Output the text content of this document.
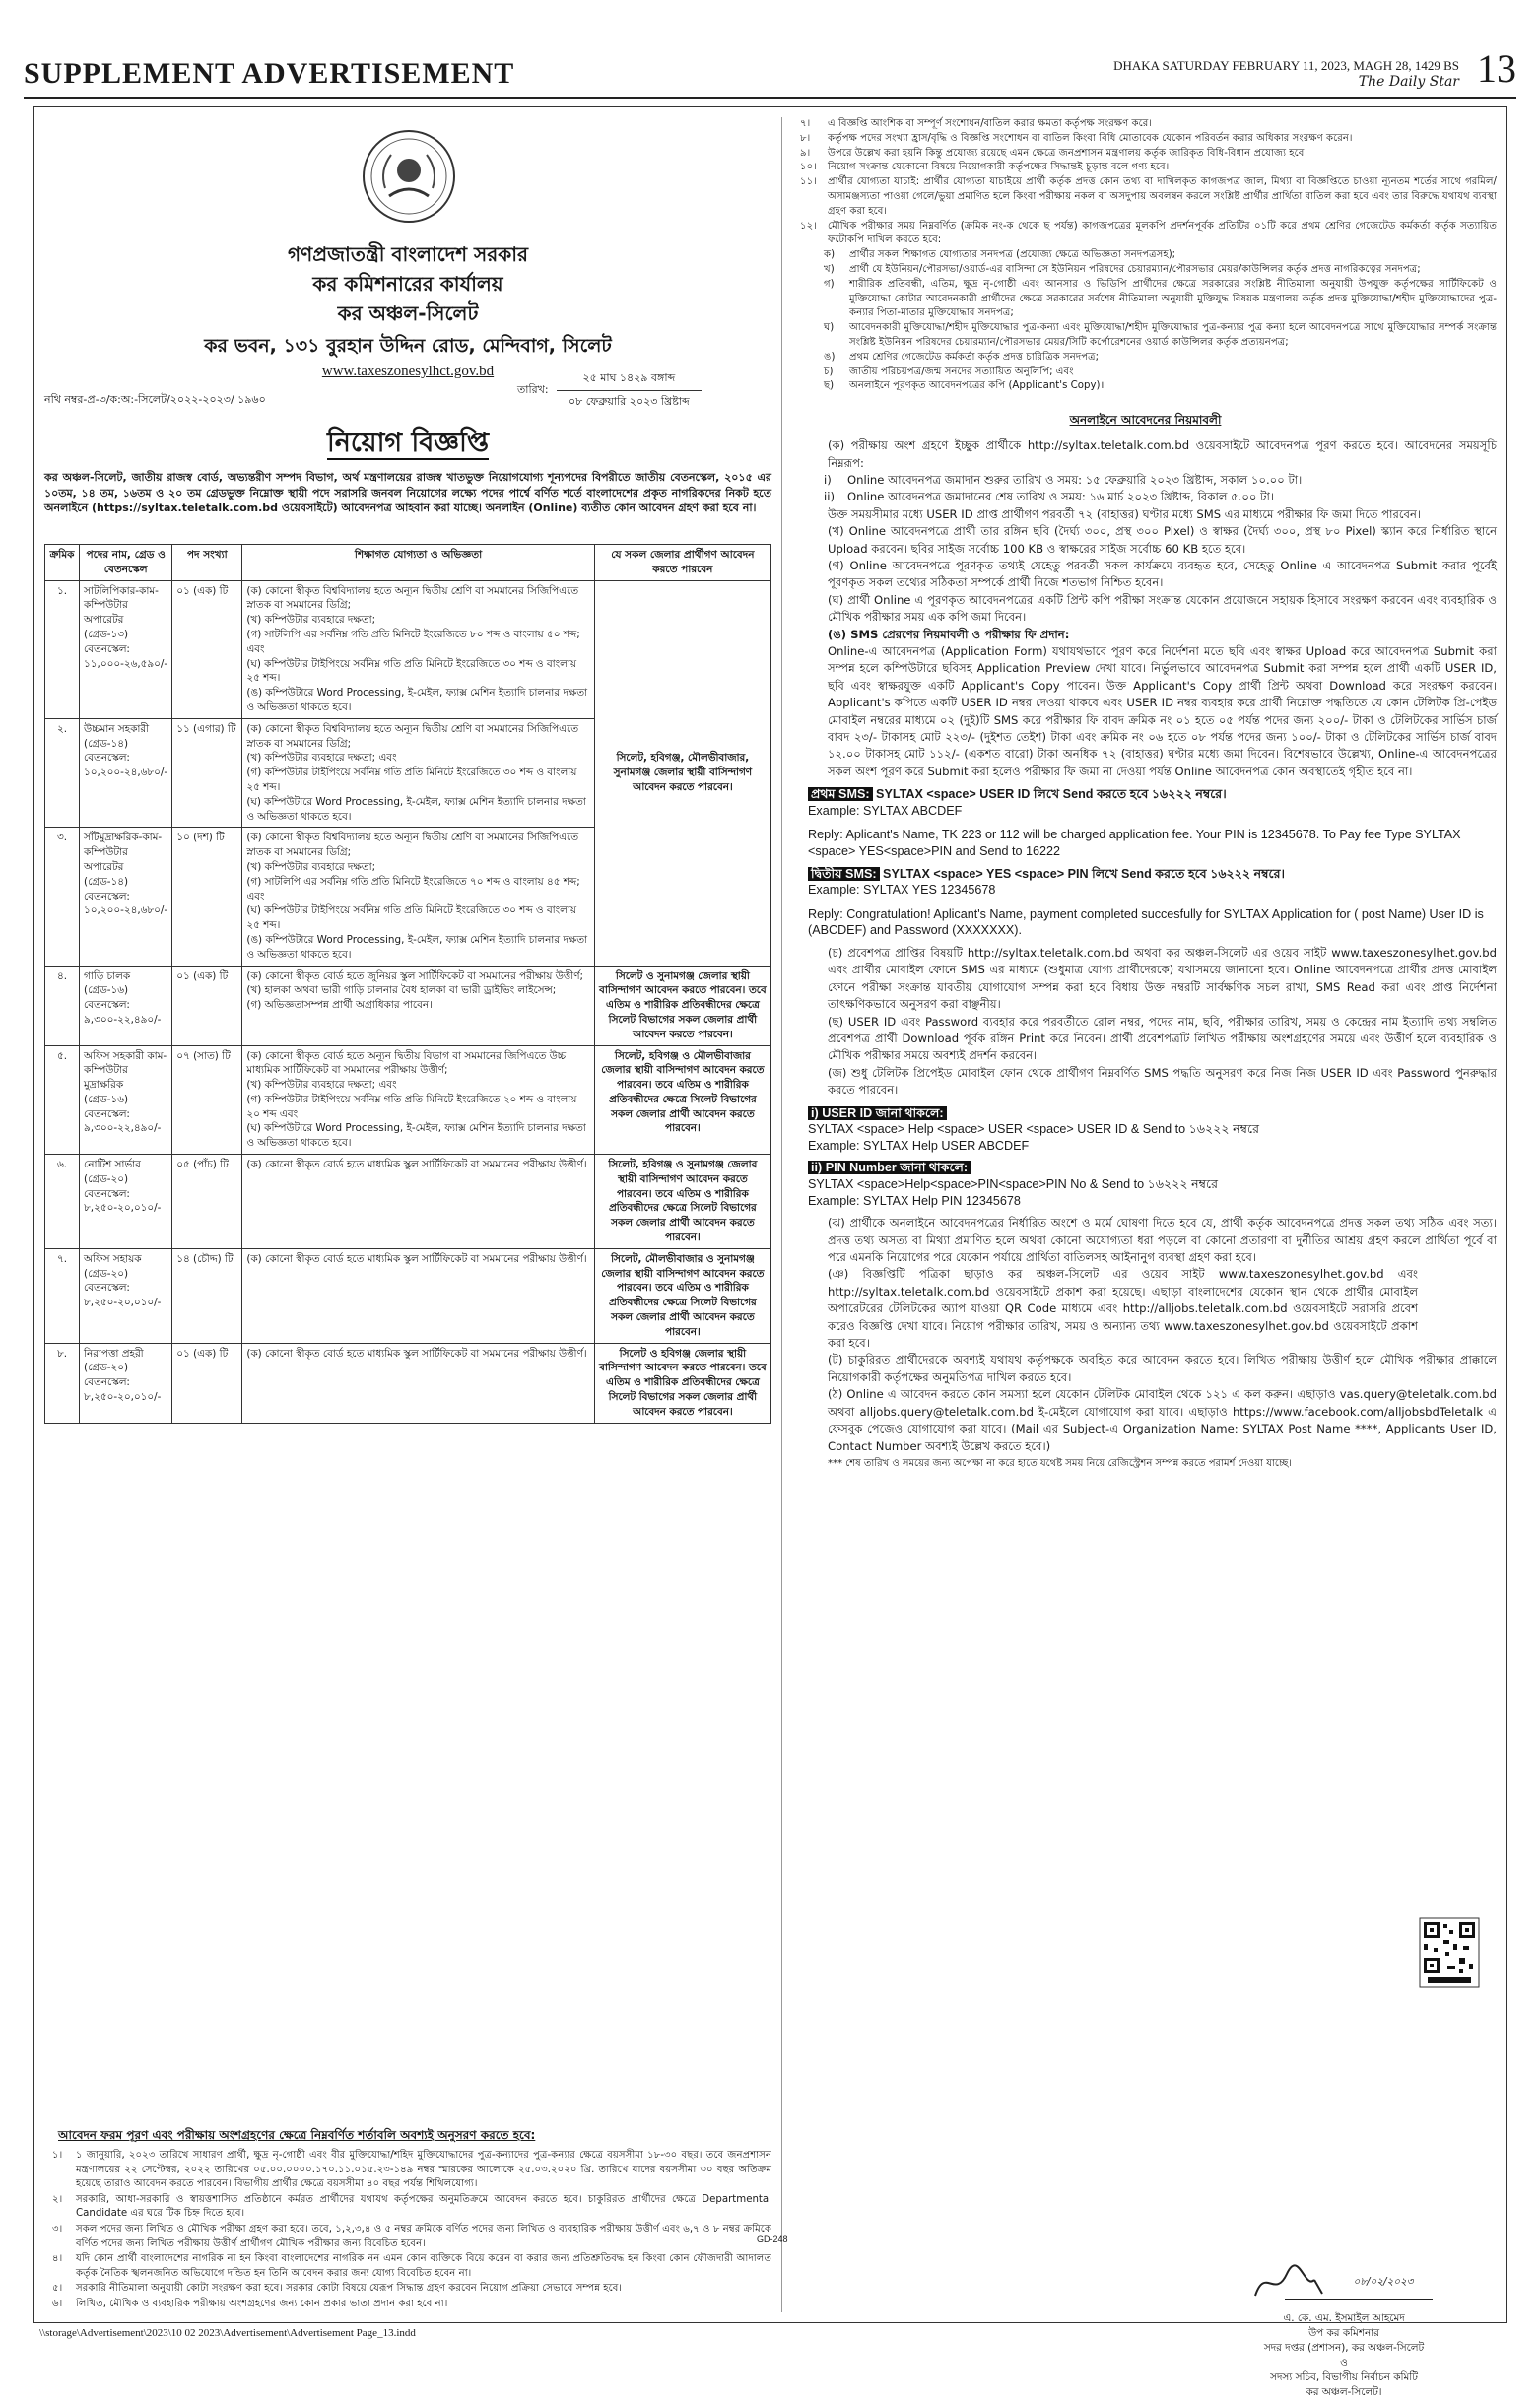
SUPPLEMENT ADVERTISEMENT	DHAKA SATURDAY FEBRUARY 11, 2023, MAGH 28, 1429 BS
The Daily Star 13
গণপ্রজাতন্ত্রী বাংলাদেশ সরকার
কর কমিশনারের কার্যালয়
কর অঞ্চল-সিলেট
কর ভবন, ১৩১ বুরহান উদ্দিন রোড, মেন্দিবাগ, সিলেট
www.taxeszonesylhct.gov.bd
নথি নম্বর-প্র-৩/ক:অ:-সিলেট/২০২২-২০২৩/ ১৯৬০
তারিখ:
২৫ মাঘ ১৪২৯ বঙ্গাব্দ
০৮ ফেব্রুয়ারি ২০২৩ খ্রিষ্টাব্দ
নিয়োগ বিজ্ঞপ্তি
কর অঞ্চল-সিলেট, জাতীয় রাজস্ব বোর্ড, অভ্যন্তরীণ সম্পদ বিভাগ, অর্থ মন্ত্রণালয়ের রাজস্ব খাতভুক্ত নিয়োগযোগ্য শূন্যপদের বিপরীতে জাতীয় বেতনস্কেল, ২০১৫ এর ১০তম, ১৪ তম, ১৬তম ও ২০ তম গ্রেডভুক্ত নিম্নোক্ত স্থায়ী পদে সরাসরি জনবল নিয়োগের লক্ষ্যে পদের পার্শ্বে বর্ণিত শর্তে বাংলাদেশের প্রকৃত নাগরিকদের নিকট হতে অনলাইনে (https://syltax.teletalk.com.bd ওয়েবসাইটে) আবেদনপত্র আহবান করা যাচ্ছে। অনলাইন (Online) ব্যতীত কোন আবেদন গ্রহণ করা হবে না।
ক্রমিক	পদের নাম, গ্রেড ও বেতনস্কেল	পদ সংখ্যা	শিক্ষাগত যোগ্যতা ও অভিজ্ঞতা	যে সকল জেলার প্রার্থীগণ আবেদন করতে পারবেন
১.	সাটলিপিকার-কাম-কম্পিউটার অপারেটর (গ্রেড-১৩) বেতনস্কেল: ১১,০০০-২৬,৫৯০/-	০১ (এক) টি	(ক) কোনো স্বীকৃত বিশ্ববিদ্যালয় হতে অন্যূন দ্বিতীয় শ্রেণি বা সমমানের সিজিপিএতে স্নাতক বা সমমানের ডিগ্রি;
(খ) কম্পিউটার ব্যবহারে দক্ষতা;
(গ) সাটলিপি এর সর্বনিম্ন গতি প্রতি মিনিটে ইংরেজিতে ৮০ শব্দ ও বাংলায় ৫০ শব্দ; এবং
(ঘ) কম্পিউটার টাইপিংয়ে সর্বনিম্ন গতি প্রতি মিনিটে ইংরেজিতে ৩০ শব্দ ও বাংলায় ২৫ শব্দ।
(ঙ) কম্পিউটারে Word Processing, ই-মেইল, ফ্যাক্স মেশিন ইত্যাদি চালনার দক্ষতা ও অভিজ্ঞতা থাকতে হবে।	সিলেট, হবিগঞ্জ, মৌলভীবাজার, সুনামগঞ্জ জেলার স্থায়ী বাসিন্দাগণ আবেদন করতে পারবেন।
২.	উচ্চমান সহকারী (গ্রেড-১৪) বেতনস্কেল: ১০,২০০-২৪,৬৮০/-	১১ (এগার) টি	(ক) কোনো স্বীকৃত বিশ্ববিদ্যালয় হতে অন্যূন দ্বিতীয় শ্রেণি বা সমমানের সিজিপিএতে স্নাতক বা সমমানের ডিগ্রি;
(খ) কম্পিউটার ব্যবহারে দক্ষতা; এবং
(গ) কম্পিউটার টাইপিংয়ে সর্বনিম্ন গতি প্রতি মিনিটে ইংরেজিতে ৩০ শব্দ ও বাংলায় ২৫ শব্দ।
(ঘ) কম্পিউটারে Word Processing, ই-মেইল, ফ্যাক্স মেশিন ইত্যাদি চালনার দক্ষতা ও অভিজ্ঞতা থাকতে হবে।	

৩.	সাঁটমুদ্রাক্ষরিক-কাম-কম্পিউটার অপারেটর (গ্রেড-১৪) বেতনস্কেল: ১০,২০০-২৪,৬৮০/-	১০ (দশ) টি	(ক) কোনো স্বীকৃত বিশ্ববিদ্যালয় হতে অন্যূন দ্বিতীয় শ্রেণি বা সমমানের সিজিপিএতে স্নাতক বা সমমানের ডিগ্রি;
(খ) কম্পিউটার ব্যবহারে দক্ষতা;
(গ) সাটলিপি এর সর্বনিম্ন গতি প্রতি মিনিটে ইংরেজিতে ৭০ শব্দ ও বাংলায় ৪৫ শব্দ; এবং
(ঘ) কম্পিউটার টাইপিংয়ে সর্বনিম্ন গতি প্রতি মিনিটে ইংরেজিতে ৩০ শব্দ ও বাংলায় ২৫ শব্দ।
(ঙ) কম্পিউটারে Word Processing, ই-মেইল, ফ্যাক্স মেশিন ইত্যাদি চালনার দক্ষতা ও অভিজ্ঞতা থাকতে হবে।	

৪.	গাড়ি চালক (গ্রেড-১৬) বেতনস্কেল: ৯,৩০০-২২,৪৯০/-	০১ (এক) টি	(ক) কোনো স্বীকৃত বোর্ড হতে জুনিয়র স্কুল সার্টিফিকেট বা সমমানের পরীক্ষায় উত্তীর্ণ;
(খ) হালকা অথবা ভারী গাড়ি চালনার বৈধ হালকা বা ভারী ড্রাইভিং লাইসেন্স;
(গ) অভিজ্ঞতাসম্পন্ন প্রার্থী অগ্রাধিকার পাবেন।	সিলেট ও সুনামগঞ্জ জেলার স্থায়ী বাসিন্দাগণ আবেদন করতে পারবেন। তবে এতিম ও শারীরিক প্রতিবন্ধীদের ক্ষেত্রে সিলেট বিভাগের সকল জেলার প্রার্থী আবেদন করতে পারবেন।
৫.	অফিস সহকারী কাম-কম্পিউটার মুদ্রাক্ষরিক (গ্রেড-১৬) বেতনস্কেল: ৯,৩০০-২২,৪৯০/-	০৭ (সাত) টি	(ক) কোনো স্বীকৃত বোর্ড হতে অন্যূন দ্বিতীয় বিভাগ বা সমমানের জিপিএতে উচ্চ মাধ্যমিক সার্টিফিকেট বা সমমানের পরীক্ষায় উত্তীর্ণ;
(খ) কম্পিউটার ব্যবহারে দক্ষতা; এবং
(গ) কম্পিউটার টাইপিংয়ে সর্বনিম্ন গতি প্রতি মিনিটে ইংরেজিতে ২০ শব্দ ও বাংলায় ২০ শব্দ এবং
(ঘ) কম্পিউটারে Word Processing, ই-মেইল, ফ্যাক্স মেশিন ইত্যাদি চালনার দক্ষতা ও অভিজ্ঞতা থাকতে হবে।	সিলেট, হবিগঞ্জ ও মৌলভীবাজার জেলার স্থায়ী বাসিন্দাগণ আবেদন করতে পারবেন। তবে এতিম ও শারীরিক প্রতিবন্ধীদের ক্ষেত্রে সিলেট বিভাগের সকল জেলার প্রার্থী আবেদন করতে পারবেন।
৬.	নোটিশ সার্ভার (গ্রেড-২০) বেতনস্কেল: ৮,২৫০-২০,০১০/-	০৫ (পাঁচ) টি	(ক) কোনো স্বীকৃত বোর্ড হতে মাধ্যমিক স্কুল সার্টিফিকেট বা সমমানের পরীক্ষায় উত্তীর্ণ।	সিলেট, হবিগঞ্জ ও সুনামগঞ্জ জেলার স্থায়ী বাসিন্দাগণ আবেদন করতে পারবেন। তবে এতিম ও শারীরিক প্রতিবন্ধীদের ক্ষেত্রে সিলেট বিভাগের সকল জেলার প্রার্থী আবেদন করতে পারবেন।
৭.	অফিস সহায়ক (গ্রেড-২০) বেতনস্কেল: ৮,২৫০-২০,০১০/-	১৪ (চৌদ্দ) টি	(ক) কোনো স্বীকৃত বোর্ড হতে মাধ্যমিক স্কুল সার্টিফিকেট বা সমমানের পরীক্ষায় উত্তীর্ণ।	সিলেট, মৌলভীবাজার ও সুনামগঞ্জ জেলার স্থায়ী বাসিন্দাগণ আবেদন করতে পারবেন। তবে এতিম ও শারীরিক প্রতিবন্ধীদের ক্ষেত্রে সিলেট বিভাগের সকল জেলার প্রার্থী আবেদন করতে পারবেন।
৮.	নিরাপত্তা প্রহরী (গ্রেড-২০) বেতনস্কেল: ৮,২৫০-২০,০১০/-	০১ (এক) টি	(ক) কোনো স্বীকৃত বোর্ড হতে মাধ্যমিক স্কুল সার্টিফিকেট বা সমমানের পরীক্ষায় উত্তীর্ণ।	সিলেট ও হবিগঞ্জ জেলার স্থায়ী বাসিন্দাগণ আবেদন করতে পারবেন। তবে এতিম ও শারীরিক প্রতিবন্ধীদের ক্ষেত্রে সিলেট বিভাগের সকল জেলার প্রার্থী আবেদন করতে পারবেন।
আবেদন ফরম পূরণ এবং পরীক্ষায় অংশগ্রহণের ক্ষেত্রে নিম্নবর্ণিত শর্তাবলি অবশ্যই অনুসরণ করতে হবে:
১। ১ জানুয়ারি, ২০২৩ তারিখে সাধারণ প্রার্থী, ক্ষুদ্র নৃ-গোষ্ঠী এবং বীর মুক্তিযোদ্ধা/শহিদ মুক্তিযোদ্ধাদের পুত্র-কন্যাদের পুত্র-কন্যার ক্ষেত্রে বয়সসীমা ১৮-৩০ বছর। তবে জনপ্রশাসন মন্ত্রণালয়ের ২২ সেপ্টেম্বর, ২০২২ তারিখের ০৫.০০.০০০০.১৭০.১১.০১৫.২৩-১৪৯ নম্বর স্মারকের আলোকে ২৫.০৩.২০২০ খ্রি. তারিখে যাদের বয়সসীমা ৩০ বছর অতিক্রম হয়েছে তারাও আবেদন করতে পারবেন। বিভাগীয় প্রার্থীর ক্ষেত্রে বয়সসীমা ৪০ বছর পর্যন্ত শিথিলযোগ্য।
২। সরকারি, আধা-সরকারি ও স্বায়ত্তশাসিত প্রতিষ্ঠানে কর্মরত প্রার্থীদের যথাযথ কর্তৃপক্ষের অনুমতিক্রমে আবেদন করতে হবে। চাকুরিরত প্রার্থীদের ক্ষেত্রে Departmental Candidate এর ঘরে টিক চিহ্ন দিতে হবে।
৩। সকল পদের জন্য লিখিত ও মৌখিক পরীক্ষা গ্রহণ করা হবে। তবে, ১,২,৩,৪ ও ৫ নম্বর ক্রমিকে বর্ণিত পদের জন্য লিখিত ও ব্যবহারিক পরীক্ষায় উত্তীর্ণ এবং ৬,৭ ও ৮ নম্বর ক্রমিকে বর্ণিত পদের জন্য লিখিত পরীক্ষায় উত্তীর্ণ প্রার্থীগণ মৌখিক পরীক্ষার জন্য বিবেচিত হবেন।
৪। যদি কোন প্রার্থী বাংলাদেশের নাগরিক না হন কিংবা বাংলাদেশের নাগরিক নন এমন কোন ব্যক্তিকে বিয়ে করেন বা করার জন্য প্রতিশ্রুতিবদ্ধ হন কিংবা কোন ফৌজদারী আদালত কর্তৃক নৈতিক স্খলনজনিত অভিযোগে দন্ডিত হন তিনি আবেদন করার জন্য যোগ্য বিবেচিত হবেন না।
৫। সরকারি নীতিমালা অনুযায়ী কোটা সংরক্ষণ করা হবে। সরকার কোটা বিষয়ে যেরূপ সিদ্ধান্ত গ্রহণ করবেন নিয়োগ প্রক্রিয়া সেভাবে সম্পন্ন হবে।
৬। লিখিত, মৌখিক ও ব্যবহারিক পরীক্ষায় অংশগ্রহণের জন্য কোন প্রকার ভাতা প্রদান করা হবে না।
৭। এ বিজ্ঞপ্তি আংশিক বা সম্পূর্ণ সংশোধন/বাতিল করার ক্ষমতা কর্তৃপক্ষ সংরক্ষণ করে।
৮। কর্তৃপক্ষ পদের সংখ্যা হ্রাস/বৃদ্ধি ও বিজ্ঞপ্তি সংশোধন বা বাতিল কিংবা বিধি মোতাবেক যেকোন পরিবর্তন করার অধিকার সংরক্ষণ করেন।
৯। উপরে উল্লেখ করা হয়নি কিন্তু প্রযোজ্য রয়েছে এমন ক্ষেত্রে জনপ্রশাসন মন্ত্রণালয় কর্তৃক জারিকৃত বিধি-বিধান প্রযোজ্য হবে।
১০। নিয়োগ সংক্রান্ত যেকোনো বিষয়ে নিয়োগকারী কর্তৃপক্ষের সিদ্ধান্তই চূড়ান্ত বলে গণ্য হবে।
১১। প্রার্থীর যোগ্যতা যাচাই: প্রার্থীর যোগ্যতা যাচাইয়ে প্রার্থী কর্তৃক প্রদত্ত কোন তথ্য বা দাখিলকৃত কাগজপত্র জাল, মিথ্যা বা বিজ্ঞপ্তিতে চাওয়া ন্যূনতম শর্তের সাথে গরমিল/অসামঞ্জস্যতা পাওয়া গেলে/ভুয়া প্রমাণিত হলে কিংবা পরীক্ষায় নকল বা অসদুপায় অবলম্বন করলে সংশ্লিষ্ট প্রার্থীর প্রার্থিতা বাতিল করা হবে এবং তার বিরুদ্ধে যথাযথ ব্যবস্থা গ্রহণ করা হবে।
১২। মৌখিক পরীক্ষার সময় নিম্নবর্ণিত (ক্রমিক নং-ক থেকে ছ পর্যন্ত) কাগজপত্রের মূলকপি প্রদর্শনপূর্বক প্রতিটির ০১টি করে প্রথম শ্রেণির গেজেটেড কর্মকর্তা কর্তৃক সত্যায়িত ফটোকপি দাখিল করতে হবে:
ক) প্রার্থীর সকল শিক্ষাগত যোগ্যতার সনদপত্র (প্রযোজ্য ক্ষেত্রে অভিজ্ঞতা সনদপত্রসহ);
খ) প্রার্থী যে ইউনিয়ন/পৌরসভা/ওয়ার্ড-এর বাসিন্দা সে ইউনিয়ন পরিষদের চেয়ারম্যান/পৌরসভার মেয়র/কাউন্সিলর কর্তৃক প্রদত্ত নাগরিকত্বের সনদপত্র;
গ) শারীরিক প্রতিবন্ধী, এতিম, ক্ষুদ্র নৃ-গোষ্ঠী এবং আনসার ও ভিডিপি প্রার্থীদের ক্ষেত্রে সরকারের সংশ্লিষ্ট নীতিমালা অনুযায়ী উপযুক্ত কর্তৃপক্ষের সার্টিফিকেট ও মুক্তিযোদ্ধা কোটার আবেদনকারী প্রার্থীদের ক্ষেত্রে সরকারের সর্বশেষ নীতিমালা অনুযায়ী মুক্তিযুদ্ধ বিষয়ক মন্ত্রণালয় কর্তৃক প্রদত্ত মুক্তিযোদ্ধা/শহীদ মুক্তিযোদ্ধাদের পুত্র-কন্যার পিতা-মাতার মুক্তিযোদ্ধার সনদপত্র;
ঘ) আবেদনকারী মুক্তিযোদ্ধা/শহীদ মুক্তিযোদ্ধার পুত্র-কন্যা এবং মুক্তিযোদ্ধা/শহীদ মুক্তিযোদ্ধার পুত্র-কন্যার পুত্র কন্যা হলে আবেদনপত্রে সাথে মুক্তিযোদ্ধার সম্পর্ক সংক্রান্ত সংশ্লিষ্ট ইউনিয়ন পরিষদের চেয়ারম্যান/পৌরসভার মেয়র/সিটি কর্পোরেশনের ওয়ার্ড কাউন্সিলর কর্তৃক প্রত্যয়নপত্র;
ঙ) প্রথম শ্রেণির গেজেটেড কর্মকর্তা কর্তৃক প্রদত্ত চারিত্রিক সনদপত্র;
চ) জাতীয় পরিচয়পত্র/জন্ম সনদের সত্যায়িত অনুলিপি; এবং
ছ) অনলাইনে পূরণকৃত আবেদনপত্রের কপি (Applicant's Copy)।
অনলাইনে আবেদনের নিয়মাবলী
(ক) পরীক্ষায় অংশ গ্রহণে ইচ্ছুক প্রার্থীকে http://syltax.teletalk.com.bd ওয়েবসাইটে আবেদনপত্র পূরণ করতে হবে। আবেদনের সময়সূচি নিম্নরূপ:
i) Online আবেদনপত্র জমাদান শুরুর তারিখ ও সময়: ১৫ ফেব্রুয়ারি ২০২৩ খ্রিষ্টাব্দ, সকাল ১০.০০ টা।
ii) Online আবেদনপত্র জমাদানের শেষ তারিখ ও সময়: ১৬ মার্চ ২০২৩ খ্রিষ্টাব্দ, বিকাল ৫.০০ টা।
উক্ত সময়সীমার মধ্যে USER ID প্রাপ্ত প্রার্থীগণ পরবর্তী ৭২ (বাহাত্তর) ঘণ্টার মধ্যে SMS এর মাধ্যমে পরীক্ষার ফি জমা দিতে পারবেন।
(খ) Online আবেদনপত্রে প্রার্থী তার রঙ্গিন ছবি (দৈর্ঘ্য ৩০০, প্রস্থ ৩০০ Pixel) ও স্বাক্ষর (দৈর্ঘ্য ৩০০, প্রস্থ ৮০ Pixel) স্ক্যান করে নির্ধারিত স্থানে Upload করবেন। ছবির সাইজ সর্বোচ্চ 100 KB ও স্বাক্ষরের সাইজ সর্বোচ্চ 60 KB হতে হবে।
(গ) Online আবেদনপত্রে পূরণকৃত তথ্যই যেহেতু পরবর্তী সকল কার্যক্রমে ব্যবহৃত হবে, সেহেতু Online এ আবেদনপত্র Submit করার পূর্বেই পূরণকৃত সকল তথ্যের সঠিকতা সম্পর্কে প্রার্থী নিজে শতভাগ নিশ্চিত হবেন।
(ঘ) প্রার্থী Online এ পূরণকৃত আবেদনপত্রের একটি প্রিন্ট কপি পরীক্ষা সংক্রান্ত যেকোন প্রয়োজনে সহায়ক হিসাবে সংরক্ষণ করবেন এবং ব্যবহারিক ও মৌখিক পরীক্ষার সময় এক কপি জমা দিবেন।
(ঙ) SMS প্রেরণের নিয়মাবলী ও পরীক্ষার ফি প্রদান:
Online-এ আবেদনপত্র (Application Form) যথাযথভাবে পূরণ করে নির্দেশনা মতে ছবি এবং স্বাক্ষর Upload করে আবেদনপত্র Submit করা সম্পন্ন হলে কম্পিউটারে ছবিসহ Application Preview দেখা যাবে। নির্ভুলভাবে আবেদনপত্র Submit করা সম্পন্ন হলে প্রার্থী একটি USER ID, ছবি এবং স্বাক্ষরযুক্ত একটি Applicant's Copy পাবেন। উক্ত Applicant's Copy প্রার্থী প্রিন্ট অথবা Download করে সংরক্ষণ করবেন। Applicant's কপিতে একটি USER ID নম্বর দেওয়া থাকবে এবং USER ID নম্বর ব্যবহার করে প্রার্থী নিম্নোক্ত পদ্ধতিতে যে কোন টেলিটক প্রি-পেইড মোবাইল নম্বরের মাধ্যমে ০২ (দুই)টি SMS করে পরীক্ষার ফি বাবদ ক্রমিক নং ০১ হতে ০৫ পর্যন্ত পদের জন্য ২০০/- টাকা ও টেলিটকের সার্ভিস চার্জ বাবদ ২৩/- টাকাসহ মোট ২২৩/- (দুইশত তেইশ) টাকা এবং ক্রমিক নং ০৬ হতে ০৮ পর্যন্ত পদের জন্য ১০০/- টাকা ও টেলিটকের সার্ভিস চার্জ বাবদ ১২.০০ টাকাসহ মোট ১১২/- (একশত বারো) টাকা অনধিক ৭২ (বাহাত্তর) ঘণ্টার মধ্যে জমা দিবেন। বিশেষভাবে উল্লেখ্য, Online-এ আবেদনপত্রের সকল অংশ পূরণ করে Submit করা হলেও পরীক্ষার ফি জমা না দেওয়া পর্যন্ত Online আবেদনপত্র কোন অবস্থাতেই গৃহীত হবে না।
প্রথম SMS: SYLTAX <space> USER ID লিখে Send করতে হবে ১৬২২২ নম্বরে।
Example: SYLTAX ABCDEF
Reply: Aplicant's Name, TK 223 or 112 will be charged application fee. Your PIN is 12345678. To Pay fee Type SYLTAX <space> YES<space>PIN and Send to 16222
দ্বিতীয় SMS: SYLTAX <space> YES <space> PIN লিখে Send করতে হবে ১৬২২২ নম্বরে।
Example: SYLTAX YES 12345678
Reply: Congratulation! Aplicant's Name, payment completed succesfully for SYLTAX Application for ( post Name) User ID is (ABCDEF) and Password (XXXXXXX).
(চ) প্রবেশপত্র প্রাপ্তির বিষয়টি http://syltax.teletalk.com.bd অথবা কর অঞ্চল-সিলেট এর ওয়েব সাইট www.taxeszonesylhet.gov.bd এবং প্রার্থীর মোবাইল ফোনে SMS এর মাধ্যমে (শুধুমাত্র যোগ্য প্রার্থীদেরকে) যথাসময়ে জানানো হবে। Online আবেদনপত্রে প্রার্থীর প্রদত্ত মোবাইল ফোনে পরীক্ষা সংক্রান্ত যাবতীয় যোগাযোগ সম্পন্ন করা হবে বিধায় উক্ত নম্বরটি সার্বক্ষণিক সচল রাখা, SMS Read করা এবং প্রাপ্ত নির্দেশনা তাৎক্ষণিকভাবে অনুসরণ করা বাঞ্ছনীয়।
(ছ) USER ID এবং Password ব্যবহার করে পরবর্তীতে রোল নম্বর, পদের নাম, ছবি, পরীক্ষার তারিখ, সময় ও কেন্দ্রের নাম ইত্যাদি তথ্য সম্বলিত প্রবেশপত্র প্রার্থী Download পূর্বক রঙ্গিন Print করে নিবেন। প্রার্থী প্রবেশপত্রটি লিখিত পরীক্ষায় অংশগ্রহণের সময়ে এবং উত্তীর্ণ হলে ব্যবহারিক ও মৌখিক পরীক্ষার সময়ে অবশ্যই প্রদর্শন করবেন।
(জ) শুধু টেলিটক প্রিপেইড মোবাইল ফোন থেকে প্রার্থীগণ নিম্নবর্ণিত SMS পদ্ধতি অনুসরণ করে নিজ নিজ USER ID এবং Password পুনরুদ্ধার করতে পারবেন।
i) USER ID জানা থাকলে:
SYLTAX <space> Help <space> USER <space> USER ID & Send to ১৬২২২ নম্বরে
Example: SYLTAX Help USER ABCDEF
ii) PIN Number জানা থাকলে:
SYLTAX <space>Help<space>PIN<space>PIN No & Send to ১৬২২২ নম্বরে
Example: SYLTAX Help PIN 12345678
(ঝ) প্রার্থীকে অনলাইনে আবেদনপত্রের নির্ধারিত অংশে ও মর্মে ঘোষণা দিতে হবে যে, প্রার্থী কর্তৃক আবেদনপত্রে প্রদত্ত সকল তথ্য সঠিক এবং সত্য। প্রদত্ত তথ্য অসত্য বা মিথ্যা প্রমাণিত হলে অথবা কোনো অযোগ্যতা ধরা পড়লে বা কোনো প্রতারণা বা দুর্নীতির আশ্রয় গ্রহণ করলে প্রার্থিতা পূর্বে বা পরে এমনকি নিয়োগের পরে যেকোন পর্যায়ে প্রার্থিতা বাতিলসহ আইনানুগ ব্যবস্থা গ্রহণ করা হবে।
(ঞ) বিজ্ঞপ্তিটি পত্রিকা ছাড়াও কর অঞ্চল-সিলেট এর ওয়েব সাইট www.taxeszonesylhet.gov.bd এবং http://syltax.teletalk.com.bd ওয়েবসাইটে প্রকাশ করা হয়েছে। এছাড়া বাংলাদেশের যেকোন স্থান থেকে প্রার্থীর মোবাইল অপারেটরের টেলিটকের অ্যাপ যাওয়া QR Code মাধ্যমে এবং http://alljobs.teletalk.com.bd ওয়েবসাইটে সরাসরি প্রবেশ করেও বিজ্ঞপ্তি দেখা যাবে। নিয়োগ পরীক্ষার তারিখ, সময় ও অন্যান্য তথ্য www.taxeszonesylhet.gov.bd ওয়েবসাইটে প্রকাশ করা হবে।
(ট) চাকুরিরত প্রার্থীদেরকে অবশ্যই যথাযথ কর্তৃপক্ষকে অবহিত করে আবেদন করতে হবে। লিখিত পরীক্ষায় উত্তীর্ণ হলে মৌখিক পরীক্ষার প্রাক্কালে নিয়োগকারী কর্তৃপক্ষের অনুমতিপত্র দাখিল করতে হবে।
(ঠ) Online এ আবেদন করতে কোন সমস্যা হলে যেকোন টেলিটক মোবাইল থেকে ১২১ এ কল করুন। এছাড়াও vas.query@teletalk.com.bd অথবা alljobs.query@teletalk.com.bd ই-মেইলে যোগাযোগ করা যাবে। এছাড়াও https://www.facebook.com/alljobsbdTeletalk এ ফেসবুক পেজেও যোগাযোগ করা যাবে। (Mail এর Subject-এ Organization Name: SYLTAX Post Name ****, Applicants User ID, Contact Number অবশ্যই উল্লেখ করতে হবে।)
*** শেষ তারিখ ও সময়ের জন্য অপেক্ষা না করে হাতে যথেষ্ট সময় নিয়ে রেজিস্ট্রেশন সম্পন্ন করতে পরামর্শ দেওয়া যাচ্ছে।
০৮/০২/২০২৩
এ. কে. এম. ইসমাইল আহমেদ
উপ কর কমিশনার
সদর দপ্তর (প্রশাসন), কর অঞ্চল-সিলেট
ও
সদস্য সচিব, বিভাগীয় নির্বাচন কমিটি
কর অঞ্চল-সিলেট।
GD-248
\\storage\Advertisement\2023\10 02 2023\Advertisement\Advertisement Page_13.indd
